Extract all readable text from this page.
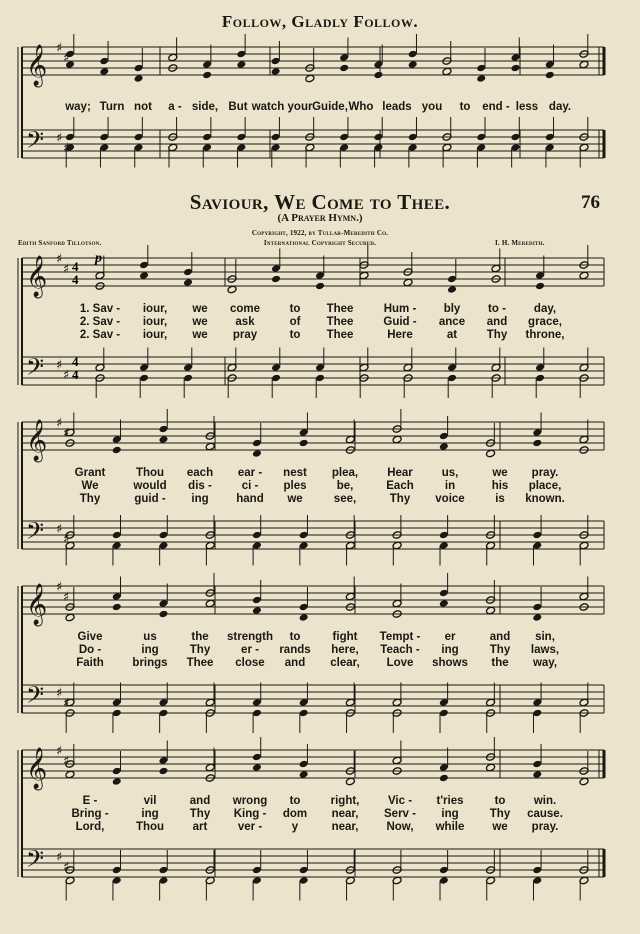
Follow, Gladly Follow.
Saviour, We Come to Thee.	76
(A Prayer Hymn.)
Copyright, 1922, by Tullar-Meredith Co.
International Copyright Secured.
Edith Sanford Tillotson.	I. H. Meredith.
𝄞
𝄢
♯
♯
♯
♯
𝄞
𝄢
♯
♯
♯
♯
𝄞
𝄢
♯
♯
♯
♯
𝄞
𝄢
♯
♯
♯
♯
𝄞
𝄢
♯
♯
♯
♯
4
4
4
4
p
way; Turn not a - side, But watch your Guide, Who leads you to end - less day.
1. Sav - iour, we come	to Thee	Hum - bly to - day,
2. Sav - iour, we ask	of Thee	Guid - ance and grace,
2. Sav - iour, we pray	to Thee	Here	at	Thy throne,
Grant	Thou each ear - nest plea,	Hear	us,	we pray.
We	would dis -	ci - ples	be,	Each	in	his place,
Thy	guid - ing hand we	see,	Thy voice	is known.
Give	us	the strength to	fight Tempt - er	and sin,
Do -	ing	Thy	er - rands here, Teach - ing	Thy laws,
Faith brings Thee close and clear, Love shows the way,
E -	vil	and wrong to	right, Vic - t'ries	to win.
Bring -	ing	Thy King - dom near, Serv - ing	Thy cause.
Lord,	Thou art	ver -	y	near, Now, while we pray.
